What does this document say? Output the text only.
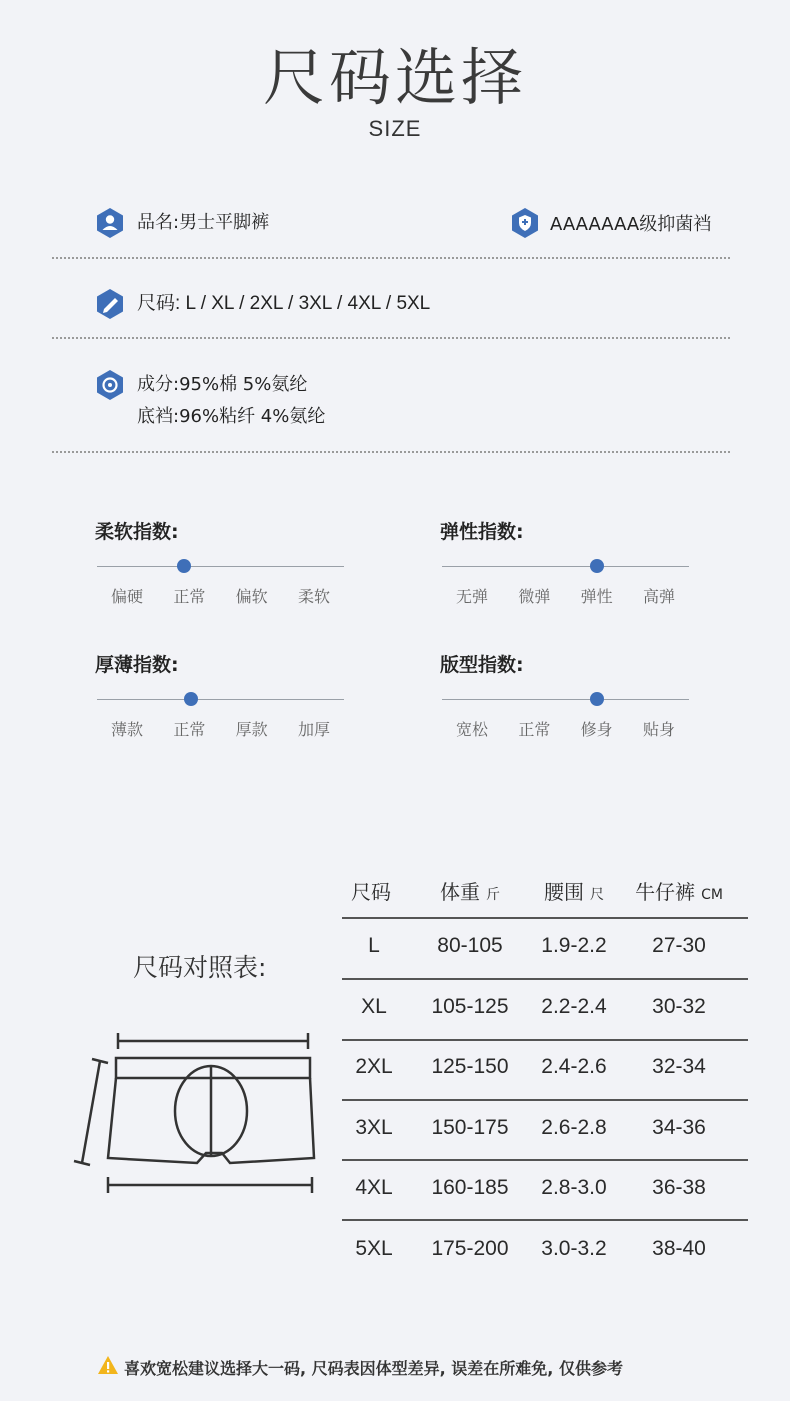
尺码选择
SIZE
品名:男士平脚裤	AAAAAAA级抑菌裆
尺码: L / XL / 2XL / 3XL / 4XL / 5XL
成分:95%棉 5%氨纶
底裆:96%粘纤 4%氨纶
柔软指数:
偏硬	正常	偏软	柔软
弹性指数:
无弹	微弹	弹性	高弹
厚薄指数:
薄款	正常	厚款	加厚
版型指数:
宽松	正常	修身	贴身
尺码对照表:
尺码	体重 斤	腰围 尺	牛仔裤 CM
L	80-105	1.9-2.2	27-30
XL	105-125	2.2-2.4	30-32
2XL	125-150	2.4-2.6	32-34
3XL	150-175	2.6-2.8	34-36
4XL	160-185	2.8-3.0	36-38
5XL	175-200	3.0-3.2	38-40
喜欢宽松建议选择大一码, 尺码表因体型差异, 误差在所难免, 仅供参考
